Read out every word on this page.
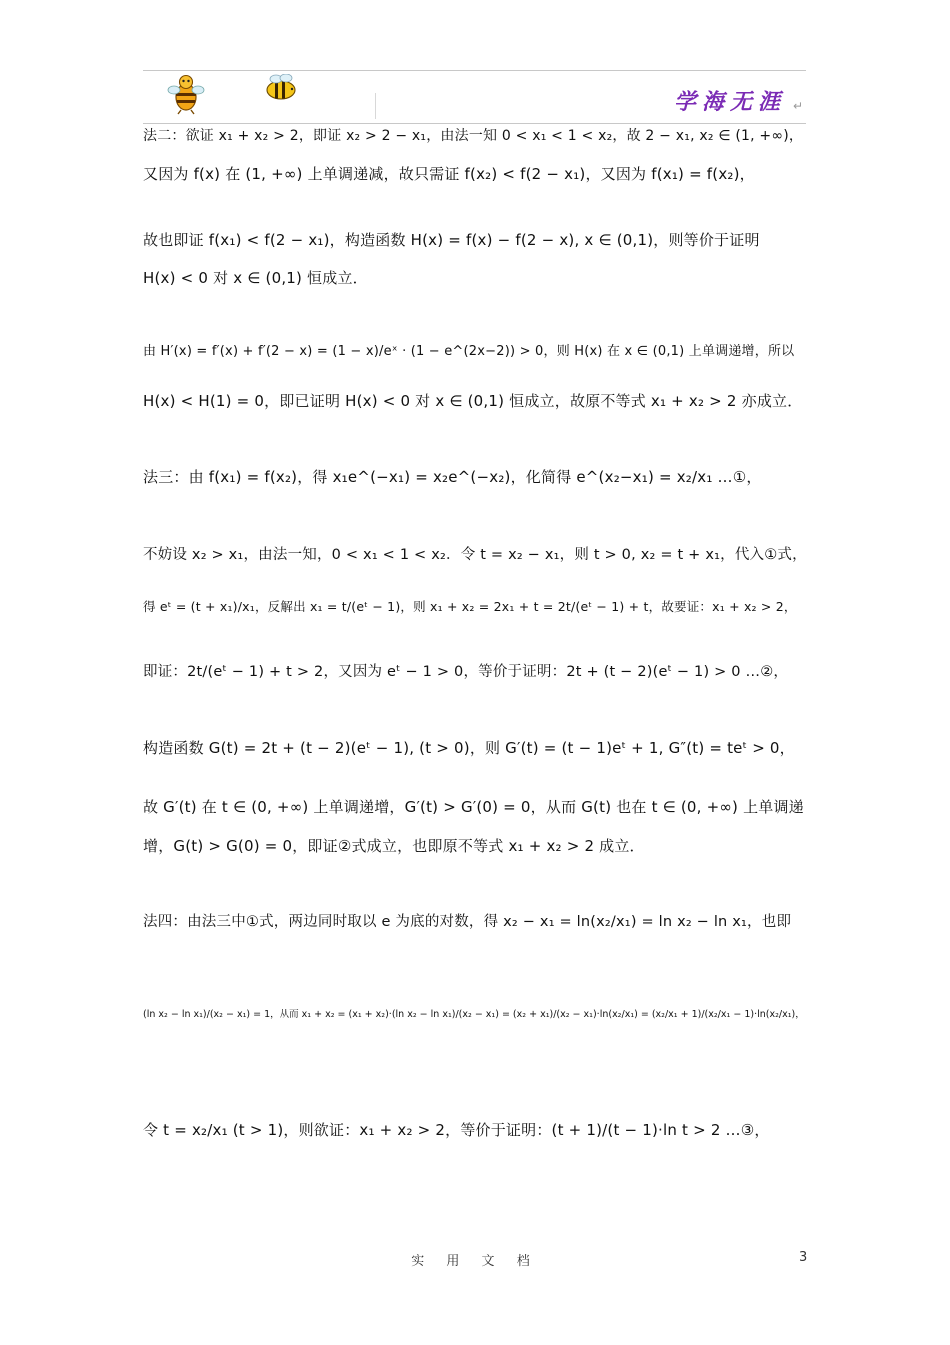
学海无涯 ↵
法二：欲证 x₁ + x₂ > 2，即证 x₂ > 2 − x₁，由法一知 0 < x₁ < 1 < x₂，故 2 − x₁, x₂ ∈ (1, +∞)，
又因为 f(x) 在 (1, +∞) 上单调递减，故只需证 f(x₂) < f(2 − x₁)，又因为 f(x₁) = f(x₂)，
故也即证 f(x₁) < f(2 − x₁)，构造函数 H(x) = f(x) − f(2 − x), x ∈ (0,1)，则等价于证明
H(x) < 0 对 x ∈ (0,1) 恒成立．
由 H′(x) = f′(x) + f′(2 − x) = (1 − x)/eˣ · (1 − e^(2x−2)) > 0，则 H(x) 在 x ∈ (0,1) 上单调递增，所以
H(x) < H(1) = 0，即已证明 H(x) < 0 对 x ∈ (0,1) 恒成立，故原不等式 x₁ + x₂ > 2 亦成立．
法三：由 f(x₁) = f(x₂)，得 x₁e^(−x₁) = x₂e^(−x₂)，化简得 e^(x₂−x₁) = x₂/x₁ …①，
不妨设 x₂ > x₁，由法一知，0 < x₁ < 1 < x₂．令 t = x₂ − x₁，则 t > 0, x₂ = t + x₁，代入①式，
得 eᵗ = (t + x₁)/x₁，反解出 x₁ = t/(eᵗ − 1)，则 x₁ + x₂ = 2x₁ + t = 2t/(eᵗ − 1) + t，故要证：x₁ + x₂ > 2，
即证：2t/(eᵗ − 1) + t > 2，又因为 eᵗ − 1 > 0，等价于证明：2t + (t − 2)(eᵗ − 1) > 0 …②，
构造函数 G(t) = 2t + (t − 2)(eᵗ − 1), (t > 0)，则 G′(t) = (t − 1)eᵗ + 1, G″(t) = teᵗ > 0，
故 G′(t) 在 t ∈ (0, +∞) 上单调递增，G′(t) > G′(0) = 0，从而 G(t) 也在 t ∈ (0, +∞) 上单调递
增，G(t) > G(0) = 0，即证②式成立，也即原不等式 x₁ + x₂ > 2 成立．
法四：由法三中①式，两边同时取以 e 为底的对数，得 x₂ − x₁ = ln(x₂/x₁) = ln x₂ − ln x₁，也即
(ln x₂ − ln x₁)/(x₂ − x₁) = 1，从而 x₁ + x₂ = (x₁ + x₂)·(ln x₂ − ln x₁)/(x₂ − x₁) = (x₂ + x₁)/(x₂ − x₁)·ln(x₂/x₁) = (x₂/x₁ + 1)/(x₂/x₁ − 1)·ln(x₂/x₁)，
令 t = x₂/x₁ (t > 1)，则欲证：x₁ + x₂ > 2，等价于证明：(t + 1)/(t − 1)·ln t > 2 …③，
实 用 文 档	3
